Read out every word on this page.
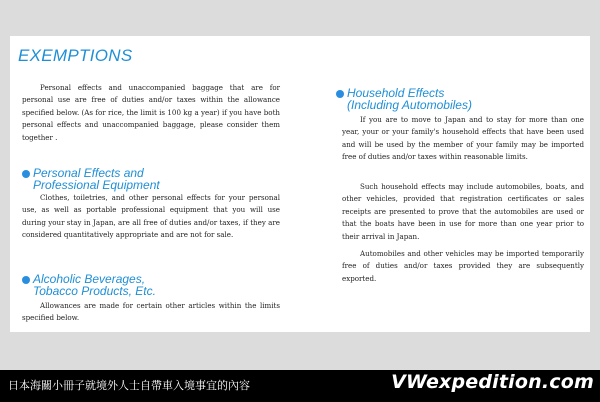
EXEMPTIONS

Personal effects and unaccompanied baggage that are for personal use are free of duties and/or taxes within the allowance specified below. (As for rice, the limit is 100 kg a year) if you have both personal effects and unaccompanied baggage, please consider them together .

Personal Effects and
Professional Equipment

Clothes, toiletries, and other personal effects for your personal use, as well as portable professional equipment that you will use during your stay in Japan, are all free of duties and/or taxes, if they are considered quantitatively appropriate and are not for sale.

Alcoholic Beverages,
Tobacco Products, Etc.

Allowances are made for certain other articles within the limits specified below.

Household Effects
(Including Automobiles)

If you are to move to Japan and to stay for more than one year, your or your family's household effects that have been used and will be used by the member of your family may be imported free of duties and/or taxes within reasonable limits.

Such household effects may include automobiles, boats, and other vehicles, provided that registration certificates or sales receipts are presented to prove that the automobiles are used or that the boats have been in use for more than one year prior to their arrival in Japan.

Automobiles and other vehicles may be imported temporarily free of duties and/or taxes provided they are subsequently exported.

日本海關小冊子就境外人士自帶車入境事宜的內容	VWexpedition.com
